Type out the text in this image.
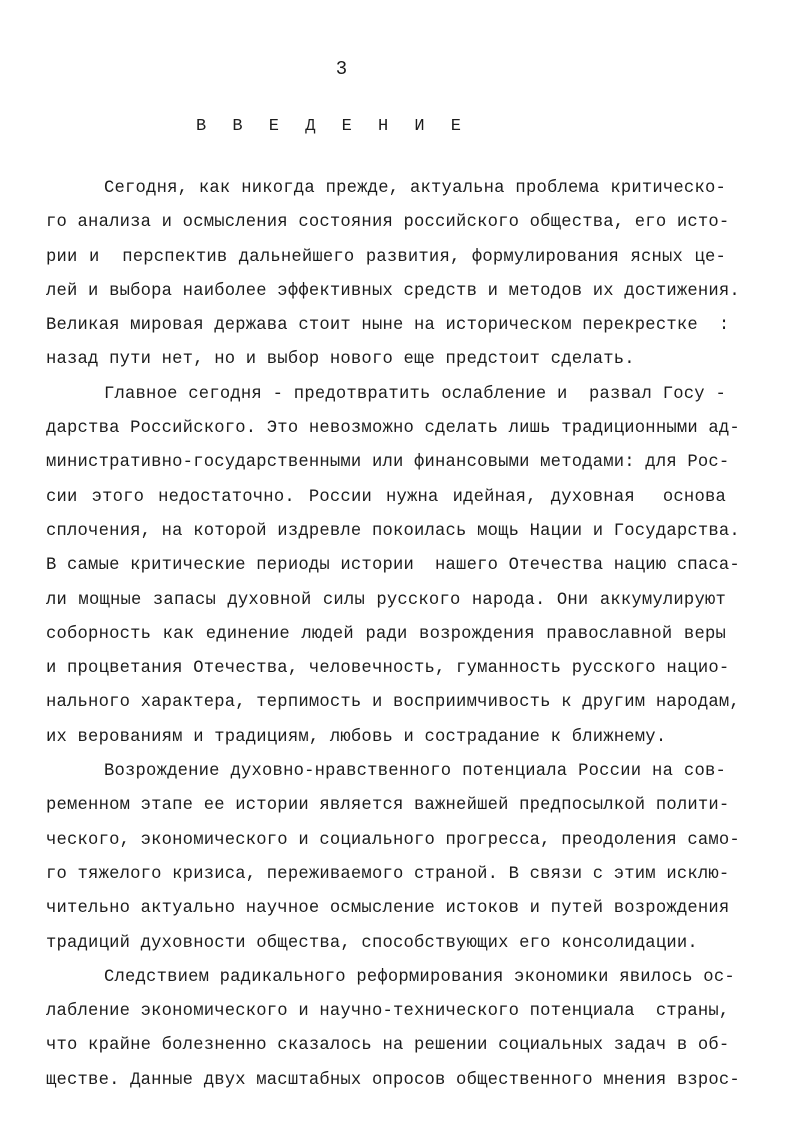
3
В В Е Д Е Н И Е
Сегодня, как никогда прежде, актуальна проблема критическо-
го анализа и осмысления состояния российского общества, его исто-
рии и  перспектив дальнейшего развития, формулирования ясных це-
лей и выбора наиболее эффективных средств и методов их достижения.
Великая мировая держава стоит ныне на историческом перекрестке  :
назад пути нет, но и выбор нового еще предстоит сделать.
Главное сегодня - предотвратить ослабление и  развал Госу -
дарства Российского. Это невозможно сделать лишь традиционными ад-
министративно-государственными или финансовыми методами: для Рос-
сии этого недостаточно. России нужна идейная, духовная  основа
сплочения, на которой издревле покоилась мощь Нации и Государства.
В самые критические периоды истории  нашего Отечества нацию спаса-
ли мощные запасы духовной силы русского народа. Они аккумулируют
соборность как единение людей ради возрождения православной веры
и процветания Отечества, человечность, гуманность русского нацио-
нального характера, терпимость и восприимчивость к другим народам,
их верованиям и традициям, любовь и сострадание к ближнему.
Возрождение духовно-нравственного потенциала России на сов-
ременном этапе ее истории является важнейшей предпосылкой полити-
ческого, экономического и социального прогресса, преодоления само-
го тяжелого кризиса, переживаемого страной. В связи с этим исклю-
чительно актуально научное осмысление истоков и путей возрождения
традиций духовности общества, способствующих его консолидации.
Следствием радикального реформирования экономики явилось ос-
лабление экономического и научно-технического потенциала  страны,
что крайне болезненно сказалось на решении социальных задач в об-
ществе. Данные двух масштабных опросов общественного мнения взрос-
